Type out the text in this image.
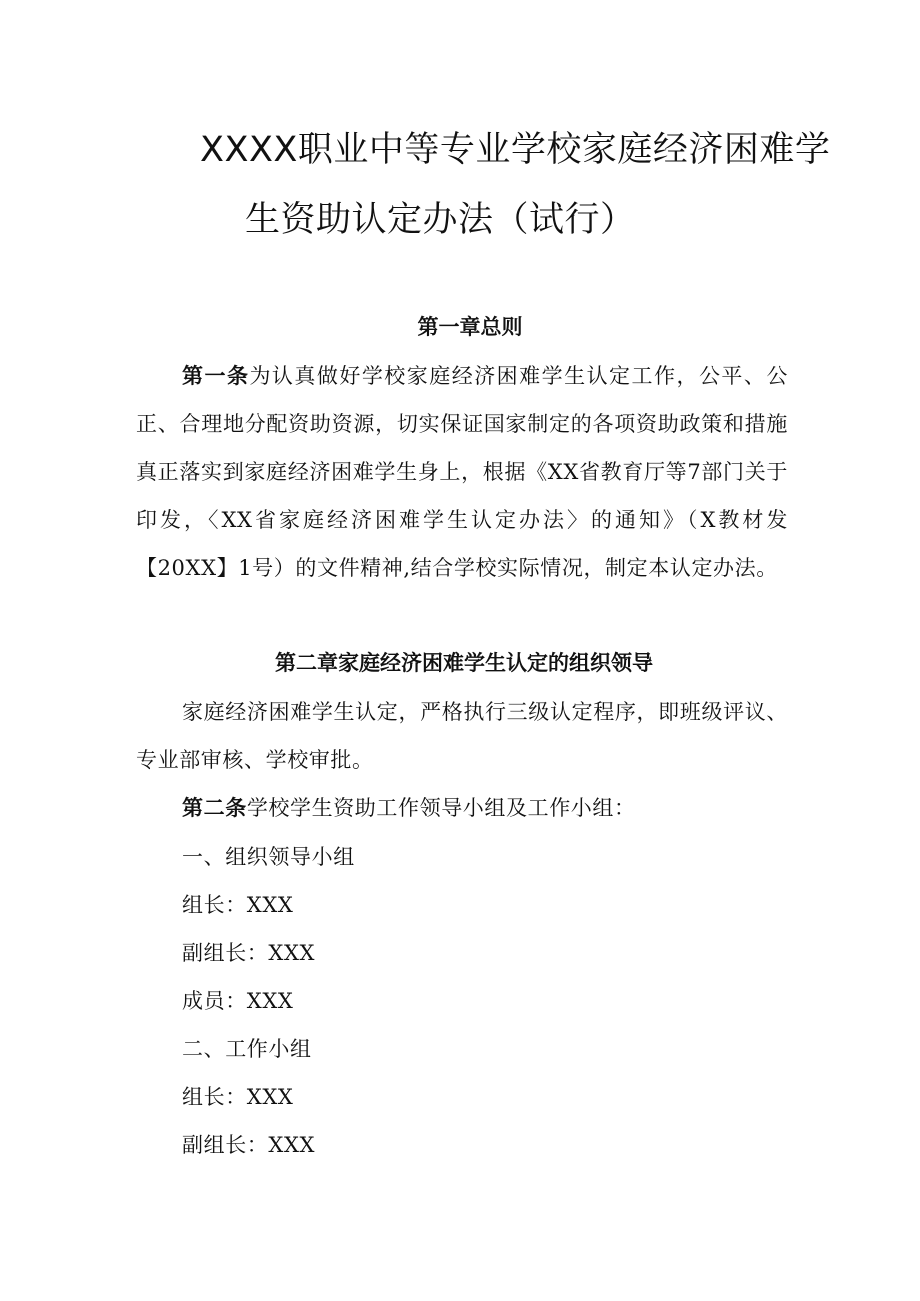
XXXX职业中等专业学校家庭经济困难学
生资助认定办法（试行）
第一章总则
第一条为认真做好学校家庭经济困难学生认定工作，公平、公正、合理地分配资助资源，切实保证国家制定的各项资助政策和措施真正落实到家庭经济困难学生身上，根据《XX省教育厅等7部门关于印发，〈XX省家庭经济困难学生认定办法〉的通知》（X教材发【20XX】1号）的文件精神,结合学校实际情况，制定本认定办法。
第二章家庭经济困难学生认定的组织领导
家庭经济困难学生认定，严格执行三级认定程序，即班级评议、专业部审核、学校审批。
第二条学校学生资助工作领导小组及工作小组：
一、组织领导小组
组长：XXX
副组长：XXX
成员：XXX
二、工作小组
组长：XXX
副组长：XXX
